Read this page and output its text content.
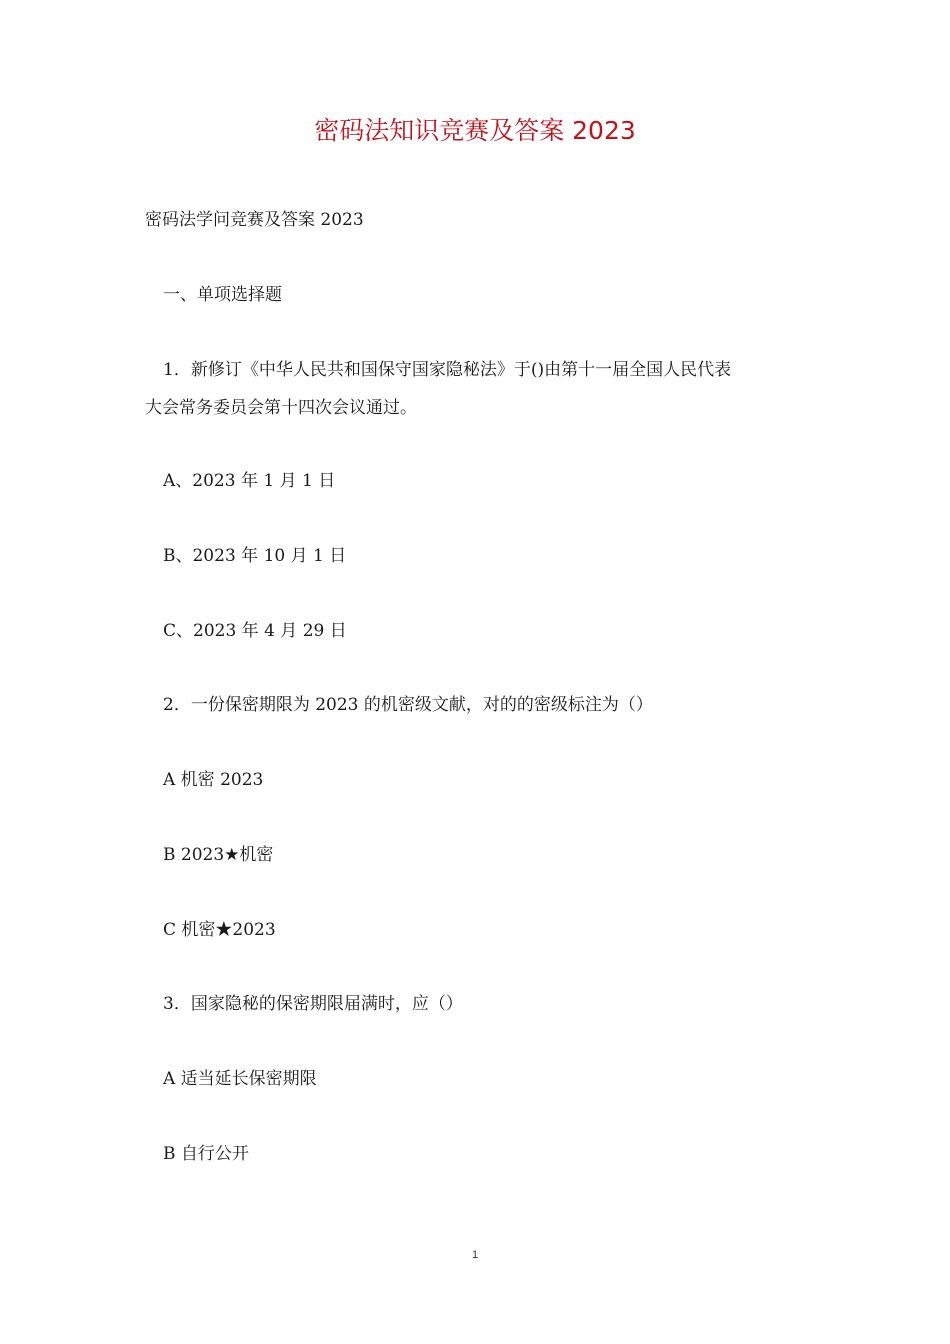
密码法知识竞赛及答案 2023
密码法学问竞赛及答案 2023
一、单项选择题
1．新修订《中华人民共和国保守国家隐秘法》于()由第十一届全国人民代表
大会常务委员会第十四次会议通过。
A、2023 年 1 月 1 日
B、2023 年 10 月 1 日
C、2023 年 4 月 29 日
2．一份保密期限为 2023 的机密级文献，对的的密级标注为（）
A 机密 2023
B 2023★机密
C 机密★2023
3．国家隐秘的保密期限届满时，应（）
A 适当延长保密期限
B 自行公开
1
